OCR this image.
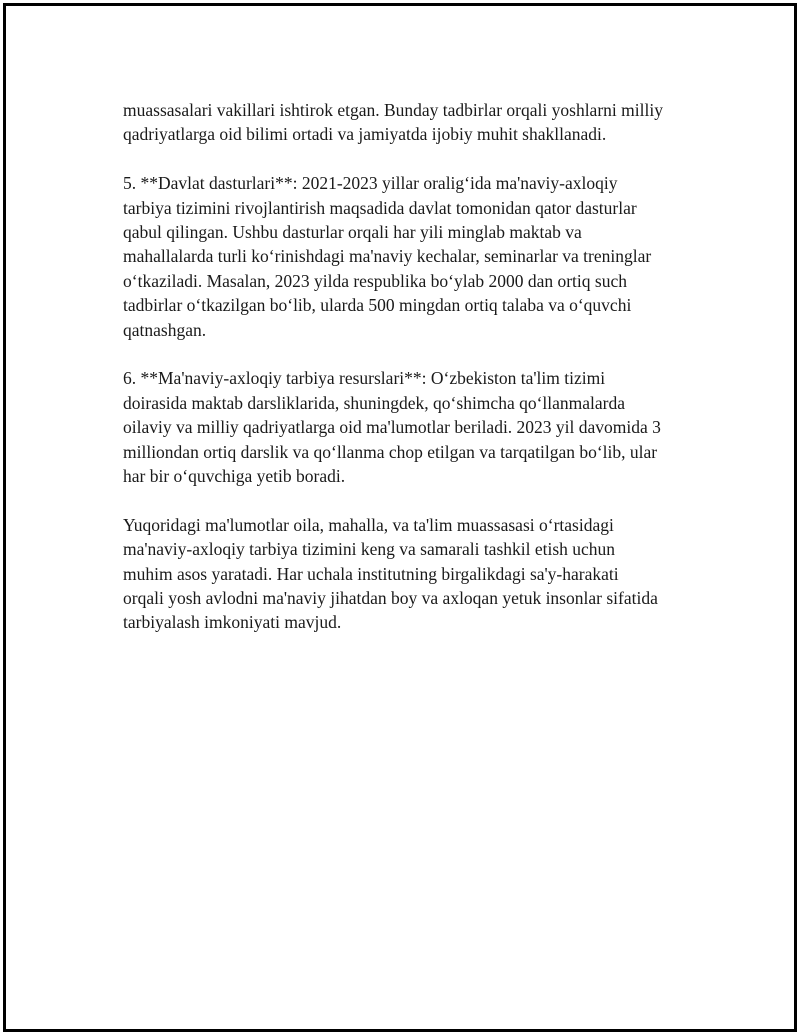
muassasalari vakillari ishtirok etgan. Bunday tadbirlar orqali yoshlarni milliy
qadriyatlarga oid bilimi ortadi va jamiyatda ijobiy muhit shakllanadi.

5. **Davlat dasturlari**: 2021-2023 yillar oraligʻida ma'naviy-axloqiy
tarbiya tizimini rivojlantirish maqsadida davlat tomonidan qator dasturlar
qabul qilingan. Ushbu dasturlar orqali har yili minglab maktab va
mahallalarda turli koʻrinishdagi ma'naviy kechalar, seminarlar va treninglar
oʻtkaziladi. Masalan, 2023 yilda respublika boʻylab 2000 dan ortiq such
tadbirlar oʻtkazilgan boʻlib, ularda 500 mingdan ortiq talaba va oʻquvchi
qatnashgan.

6. **Ma'naviy-axloqiy tarbiya resurslari**: Oʻzbekiston ta'lim tizimi
doirasida maktab darsliklarida, shuningdek, qoʻshimcha qoʻllanmalarda
oilaviy va milliy qadriyatlarga oid ma'lumotlar beriladi. 2023 yil davomida 3
milliondan ortiq darslik va qoʻllanma chop etilgan va tarqatilgan boʻlib, ular
har bir oʻquvchiga yetib boradi.

Yuqoridagi ma'lumotlar oila, mahalla, va ta'lim muassasasi oʻrtasidagi
ma'naviy-axloqiy tarbiya tizimini keng va samarali tashkil etish uchun
muhim asos yaratadi. Har uchala institutning birgalikdagi sa'y-harakati
orqali yosh avlodni ma'naviy jihatdan boy va axloqan yetuk insonlar sifatida
tarbiyalash imkoniyati mavjud.
